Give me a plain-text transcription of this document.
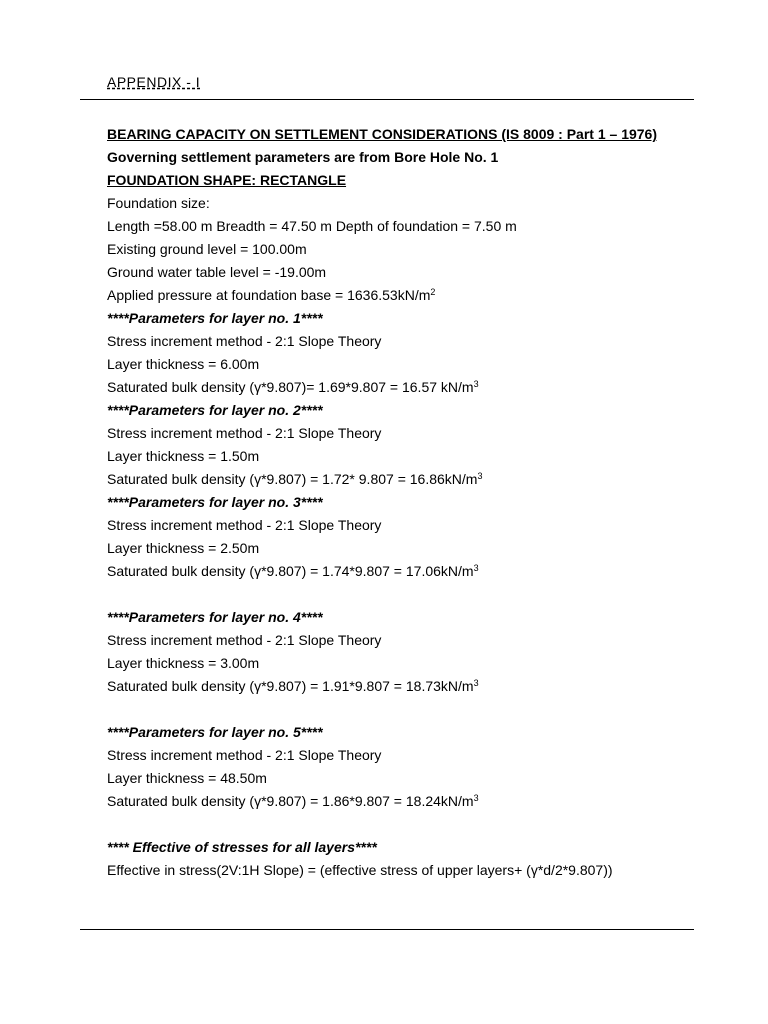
APPENDIX - I
BEARING CAPACITY ON SETTLEMENT CONSIDERATIONS (IS 8009 : Part 1 – 1976)
Governing settlement parameters are from Bore Hole No. 1
FOUNDATION SHAPE: RECTANGLE
Foundation size:
Length =58.00 m Breadth = 47.50 m Depth of foundation = 7.50 m
Existing ground level = 100.00m
Ground water table level = -19.00m
Applied pressure at foundation base = $1636.53kN/m^2$
****Parameters for layer no. 1****
Stress increment method - 2:1 Slope Theory
Layer thickness = 6.00m
Saturated bulk density (γ*9.807)= 1.69*9.807 = 16.57 $kN/m^3$
****Parameters for layer no. 2****
Stress increment method - 2:1 Slope Theory
Layer thickness = 1.50m
Saturated bulk density (γ*9.807) = 1.72* $9.807 = 16.86kN/m^3$
****Parameters for layer no. 3****
Stress increment method - 2:1 Slope Theory
Layer thickness = 2.50m
Saturated bulk density $(\gamma*9.807) = 1.74*9.807 = 17.06kN/m^3$
****Parameters for layer no. 4****
Stress increment method - 2:1 Slope Theory
Layer thickness = 3.00m
Saturated bulk density $(\gamma*9.807) = 1.91*9.807 = 18.73kN/m^3$
****Parameters for layer no. 5****
Stress increment method - 2:1 Slope Theory
Layer thickness = 48.50m
Saturated bulk density $(\gamma*9.807) = 1.86*9.807 = 18.24kN/m^3$
**** Effective of stresses for all layers****
Effective in stress(2V:1H Slope) = (effective stress of upper layers+ (γ*d/2*9.807))
